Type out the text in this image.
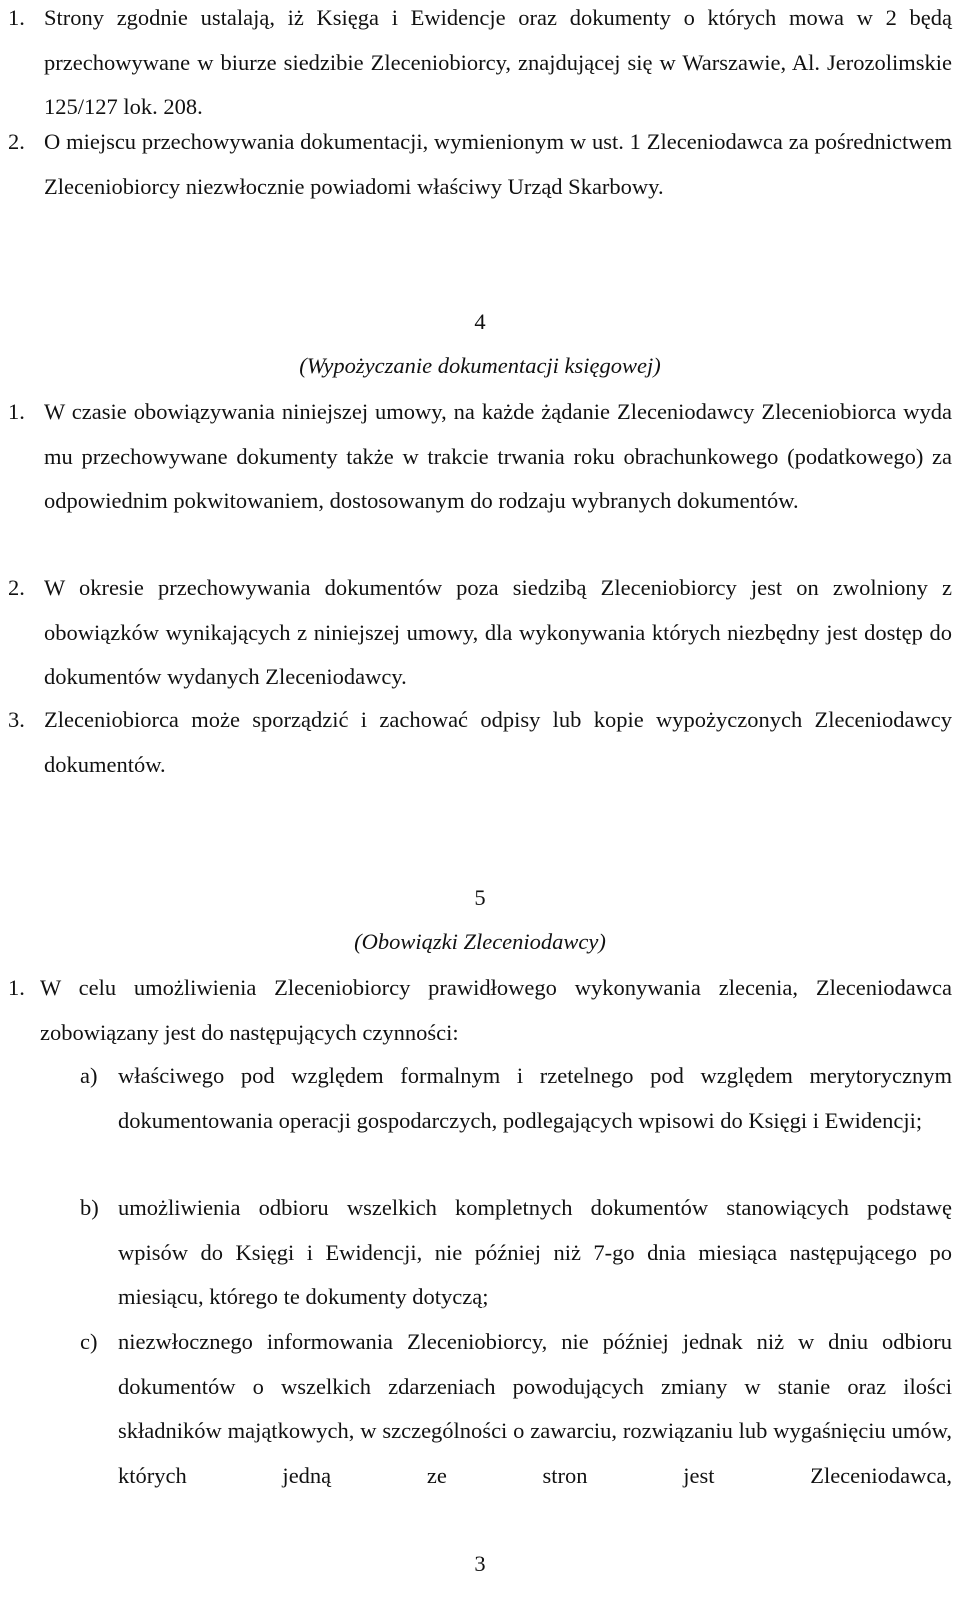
1. Strony zgodnie ustalają, iż Księga i Ewidencje oraz dokumenty o których mowa w 2 będą przechowywane w biurze siedzibie Zleceniobiorcy, znajdującej się w Warszawie, Al. Jerozolimskie 125/127 lok. 208.
2. O miejscu przechowywania dokumentacji, wymienionym w ust. 1 Zleceniodawca za pośrednictwem Zleceniobiorcy niezwłocznie powiadomi właściwy Urząd Skarbowy.
4
(Wypożyczanie dokumentacji księgowej)
1. W czasie obowiązywania niniejszej umowy, na każde żądanie Zleceniodawcy Zleceniobiorca wyda mu przechowywane dokumenty także w trakcie trwania roku obrachunkowego (podatkowego) za odpowiednim pokwitowaniem, dostosowanym do rodzaju wybranych dokumentów.
2. W okresie przechowywania dokumentów poza siedzibą Zleceniobiorcy jest on zwolniony z obowiązków wynikających z niniejszej umowy, dla wykonywania których niezbędny jest dostęp do dokumentów wydanych Zleceniodawcy.
3. Zleceniobiorca może sporządzić i zachować odpisy lub kopie wypożyczonych Zleceniodawcy dokumentów.
5
(Obowiązki Zleceniodawcy)
1. W celu umożliwienia Zleceniobiorcy prawidłowego wykonywania zlecenia, Zleceniodawca zobowiązany jest do następujących czynności:
a) właściwego pod względem formalnym i rzetelnego pod względem merytorycznym dokumentowania operacji gospodarczych, podlegających wpisowi do Księgi i Ewidencji;
b) umożliwienia odbioru wszelkich kompletnych dokumentów stanowiących podstawę wpisów do Księgi i Ewidencji, nie później niż 7-go dnia miesiąca następującego po miesiącu, którego te dokumenty dotyczą;
c) niezwłocznego informowania Zleceniobiorcy, nie później jednak niż w dniu odbioru dokumentów o wszelkich zdarzeniach powodujących zmiany w stanie oraz ilości składników majątkowych, w szczególności o zawarciu, rozwiązaniu lub wygaśnięciu umów, których jedną ze stron jest Zleceniodawca,
3
